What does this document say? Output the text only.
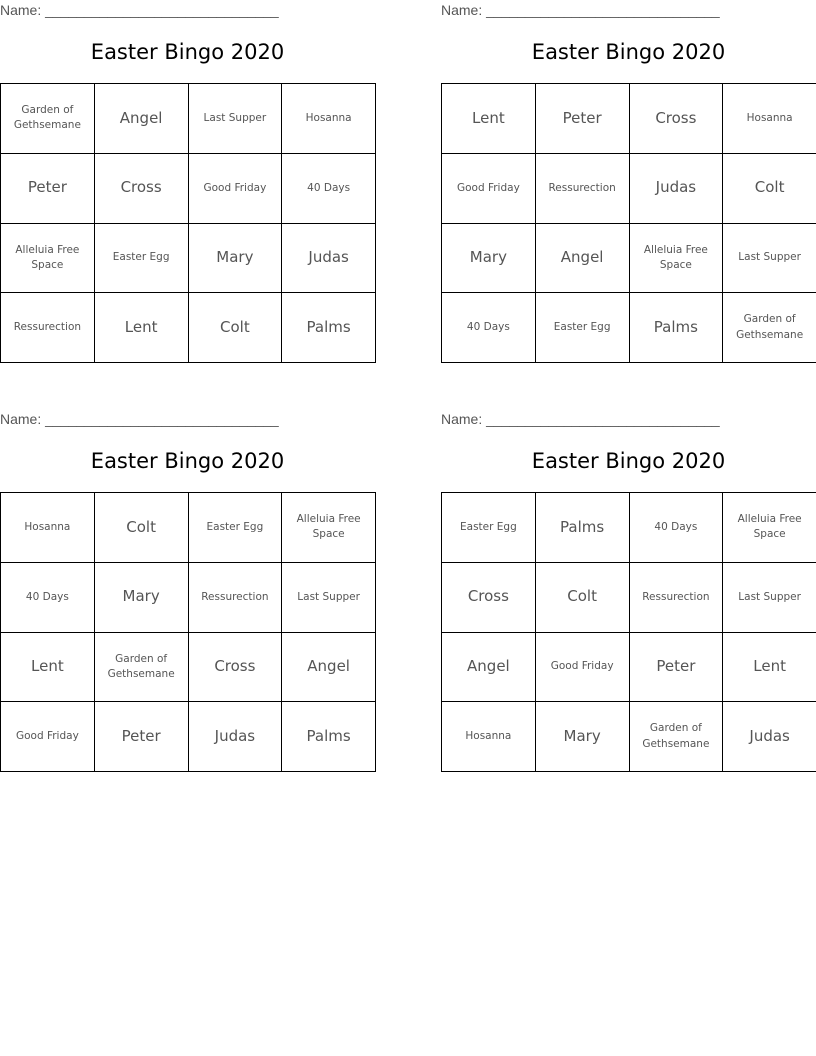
Name: ______________________________
Easter Bingo 2020
Garden of Gethsemane	Angel	Last Supper	Hosanna
Peter	Cross	Good Friday	40 Days
Alleluia Free Space	Easter Egg	Mary	Judas
Ressurection	Lent	Colt	Palms
Name: ______________________________
Easter Bingo 2020
Lent	Peter	Cross	Hosanna
Good Friday	Ressurection	Judas	Colt
Mary	Angel	Alleluia Free Space	Last Supper
40 Days	Easter Egg	Palms	Garden of Gethsemane
Name: ______________________________
Easter Bingo 2020
Hosanna	Colt	Easter Egg	Alleluia Free Space
40 Days	Mary	Ressurection	Last Supper
Lent	Garden of Gethsemane	Cross	Angel
Good Friday	Peter	Judas	Palms
Name: ______________________________
Easter Bingo 2020
Easter Egg	Palms	40 Days	Alleluia Free Space
Cross	Colt	Ressurection	Last Supper
Angel	Good Friday	Peter	Lent
Hosanna	Mary	Garden of Gethsemane	Judas
